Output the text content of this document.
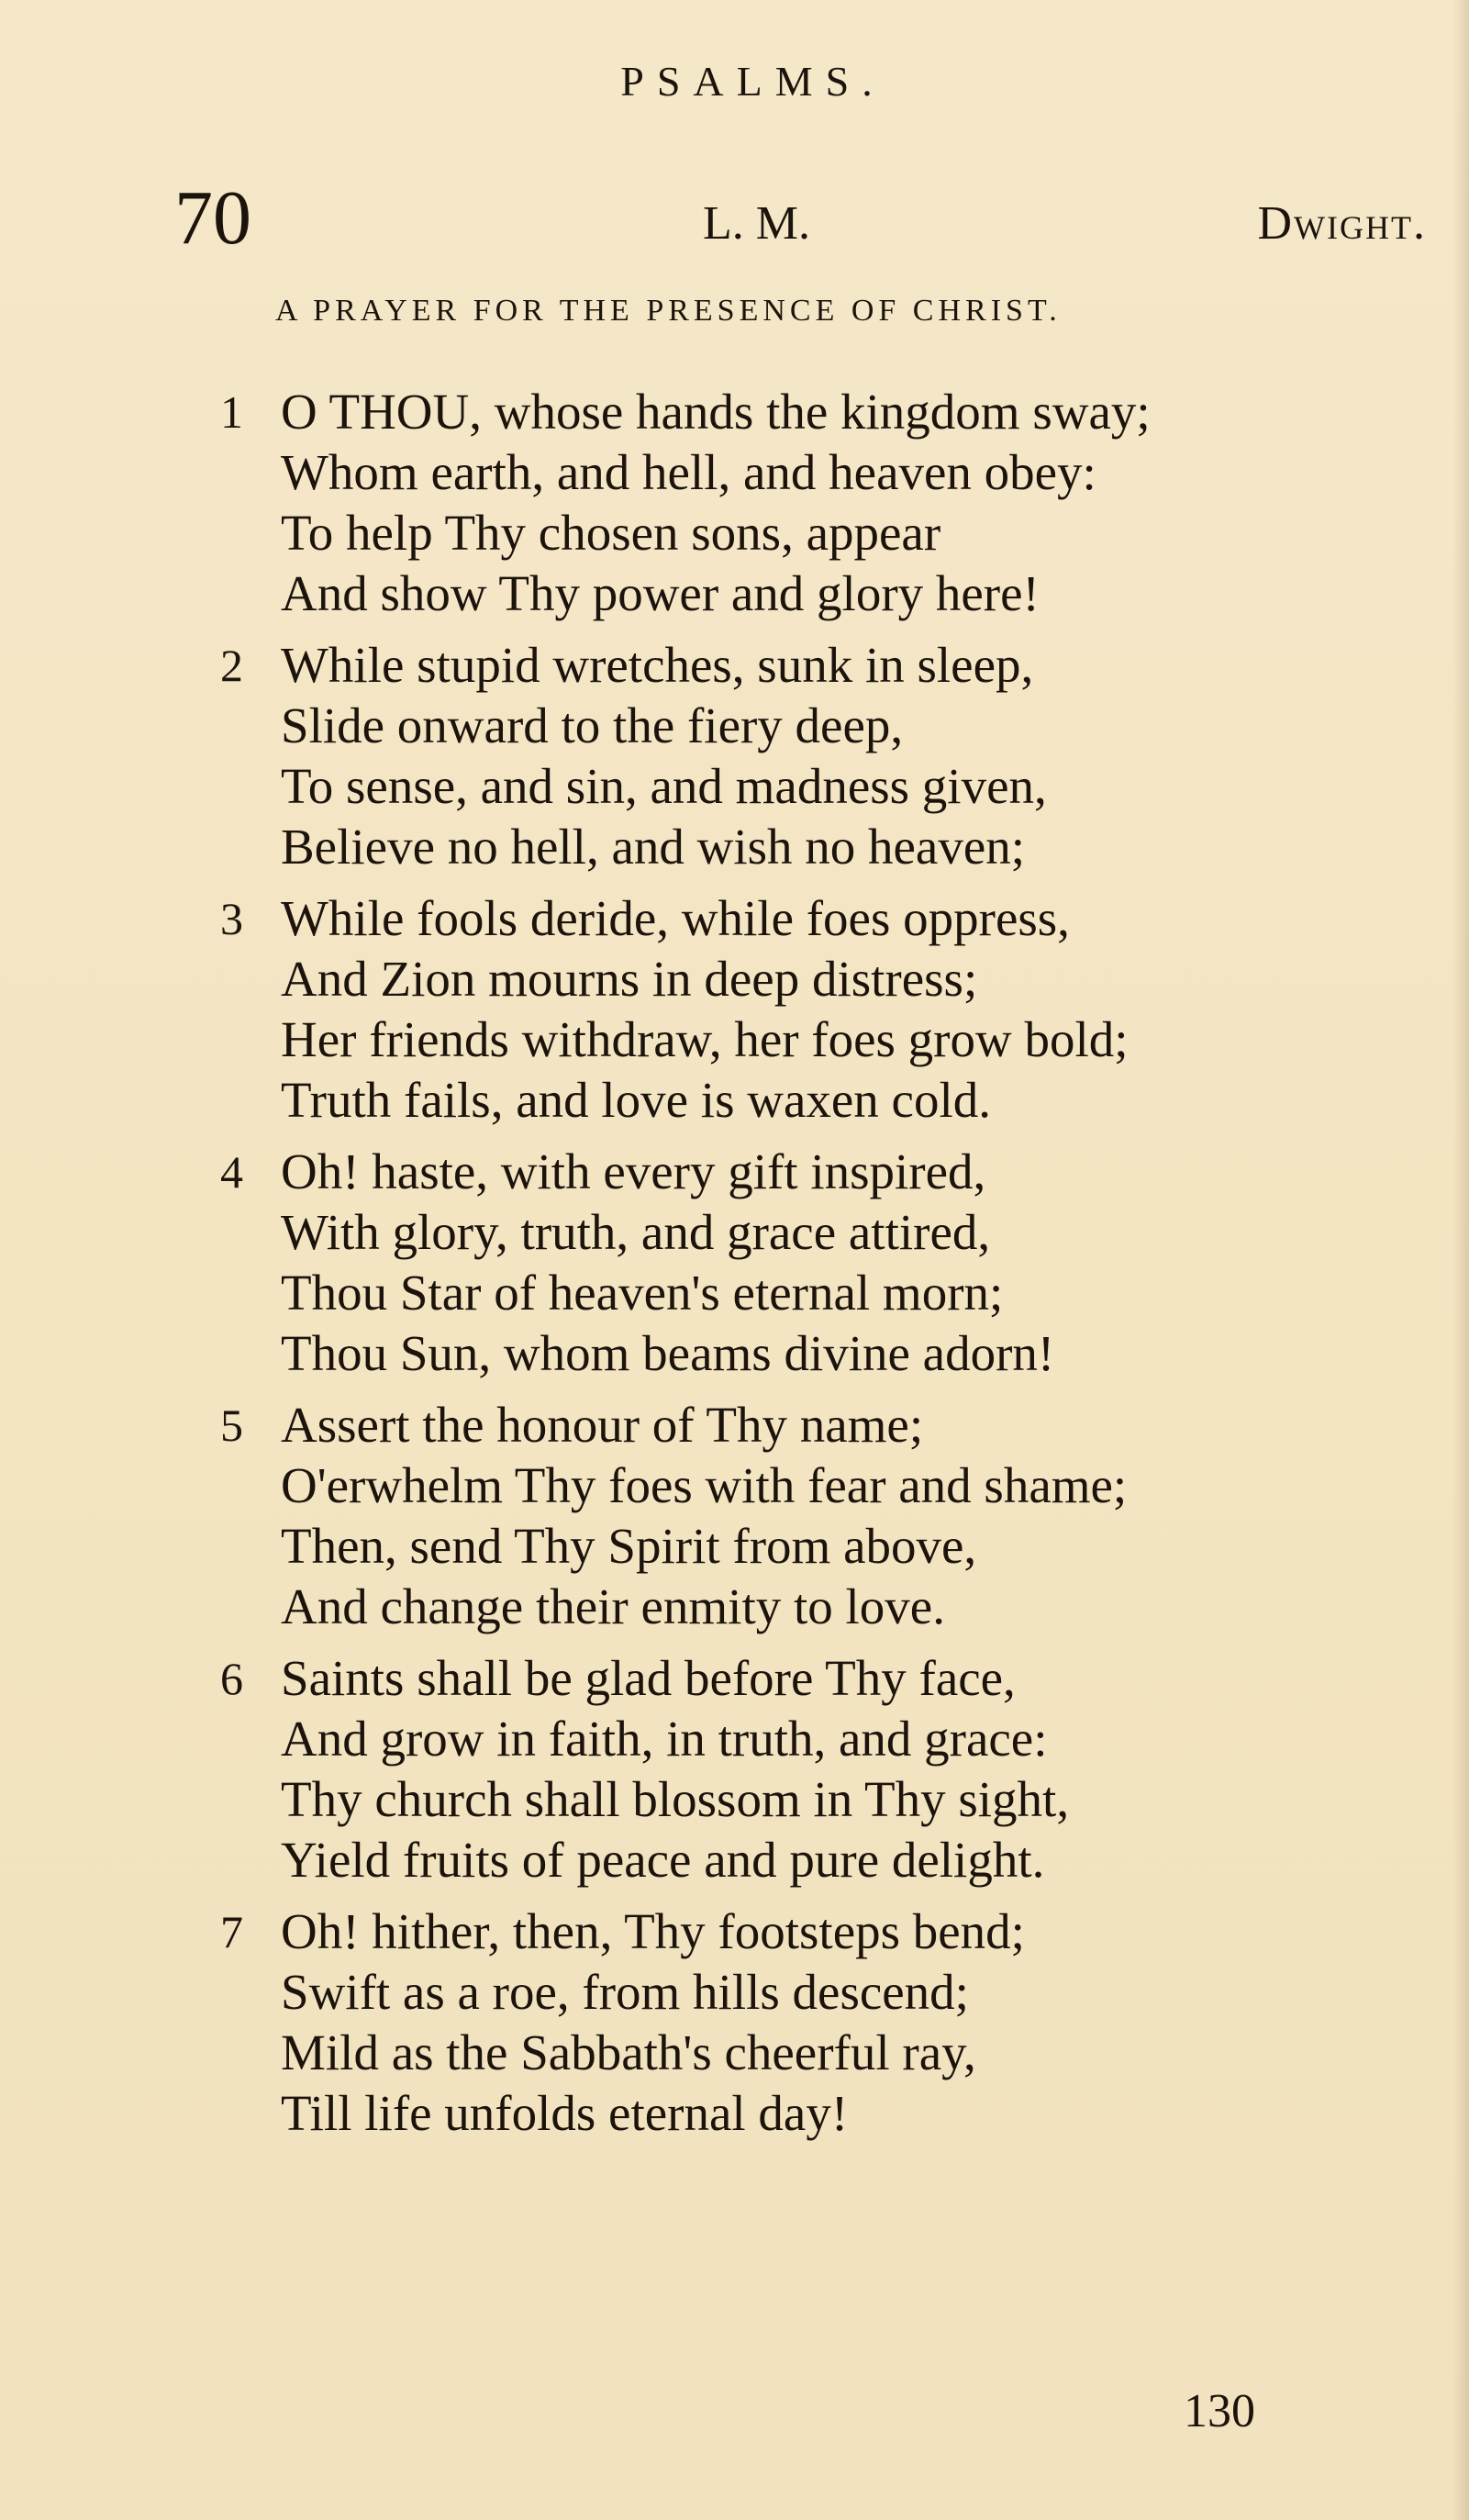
PSALMS.
70	L. M.	Dwight.
A PRAYER FOR THE PRESENCE OF CHRIST.
1 O THOU, whose hands the kingdom sway;
Whom earth, and hell, and heaven obey:
To help Thy chosen sons, appear
And show Thy power and glory here!
2 While stupid wretches, sunk in sleep,
Slide onward to the fiery deep,
To sense, and sin, and madness given,
Believe no hell, and wish no heaven;
3 While fools deride, while foes oppress,
And Zion mourns in deep distress;
Her friends withdraw, her foes grow bold;
Truth fails, and love is waxen cold.
4 Oh! haste, with every gift inspired,
With glory, truth, and grace attired,
Thou Star of heaven's eternal morn;
Thou Sun, whom beams divine adorn!
5 Assert the honour of Thy name;
O'erwhelm Thy foes with fear and shame;
Then, send Thy Spirit from above,
And change their enmity to love.
6 Saints shall be glad before Thy face,
And grow in faith, in truth, and grace:
Thy church shall blossom in Thy sight,
Yield fruits of peace and pure delight.
7 Oh! hither, then, Thy footsteps bend;
Swift as a roe, from hills descend;
Mild as the Sabbath's cheerful ray,
Till life unfolds eternal day!
130
